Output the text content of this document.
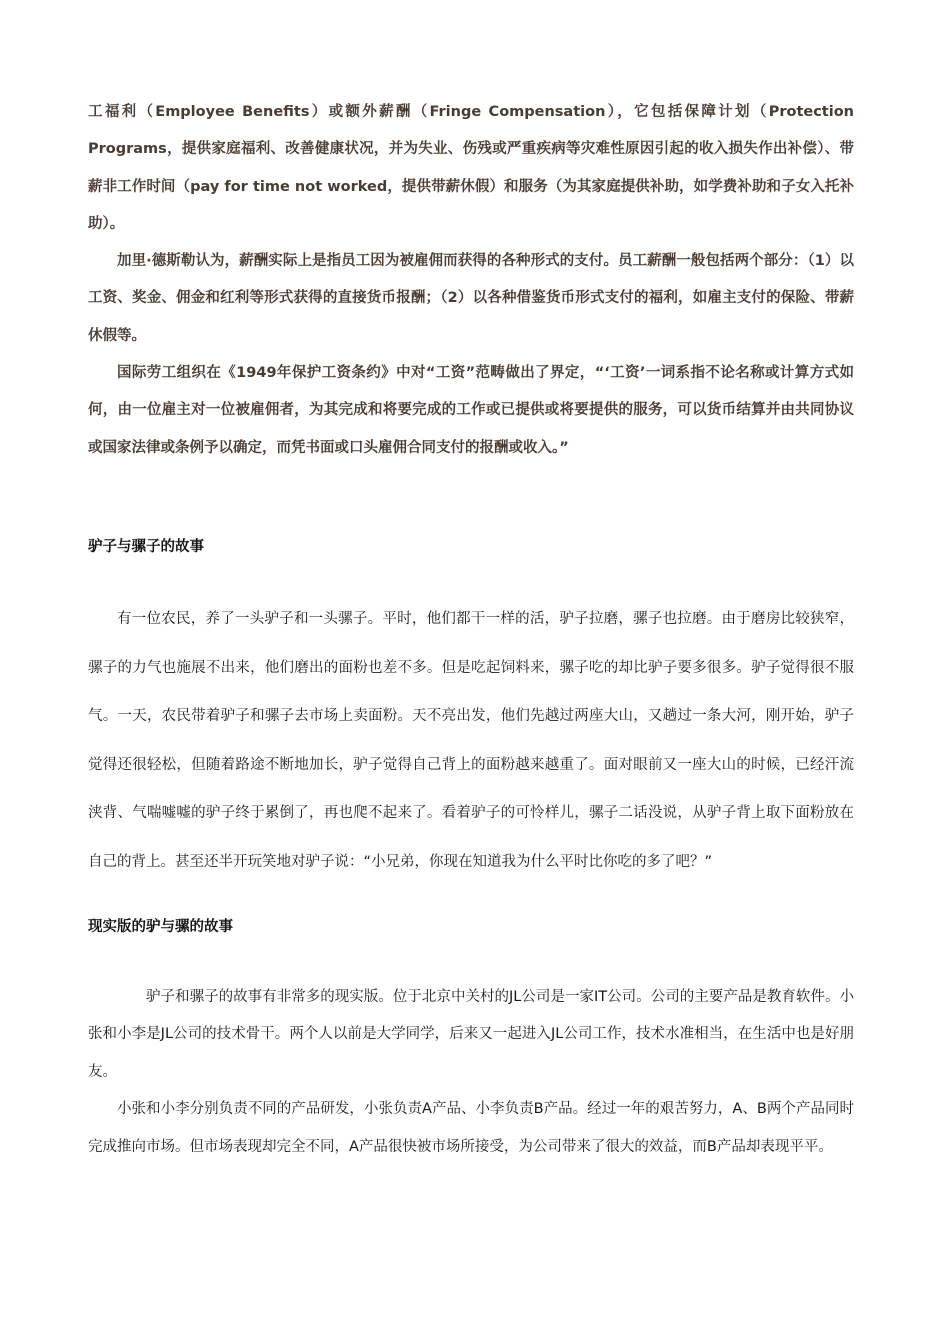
工福利（Employee Benefits）或额外薪酬（Fringe Compensation），它包括保障计划（Protection Programs，提供家庭福利、改善健康状况，并为失业、伤残或严重疾病等灾难性原因引起的收入损失作出补偿）、带薪非工作时间（pay for time not worked，提供带薪休假）和服务（为其家庭提供补助，如学费补助和子女入托补助）。

加里·德斯勒认为，薪酬实际上是指员工因为被雇佣而获得的各种形式的支付。员工薪酬一般包括两个部分：（1）以工资、奖金、佣金和红利等形式获得的直接货币报酬；（2）以各种借鉴货币形式支付的福利，如雇主支付的保险、带薪休假等。

国际劳工组织在《1949年保护工资条约》中对“工资”范畴做出了界定，“‘工资’一词系指不论名称或计算方式如何，由一位雇主对一位被雇佣者，为其完成和将要完成的工作或已提供或将要提供的服务，可以货币结算并由共同协议或国家法律或条例予以确定，而凭书面或口头雇佣合同支付的报酬或收入。”

驴子与骡子的故事

有一位农民，养了一头驴子和一头骡子。平时，他们都干一样的活，驴子拉磨，骡子也拉磨。由于磨房比较狭窄，骡子的力气也施展不出来，他们磨出的面粉也差不多。但是吃起饲料来，骡子吃的却比驴子要多很多。驴子觉得很不服气。一天，农民带着驴子和骡子去市场上卖面粉。天不亮出发，他们先越过两座大山，又趟过一条大河，刚开始，驴子觉得还很轻松，但随着路途不断地加长，驴子觉得自己背上的面粉越来越重了。面对眼前又一座大山的时候，已经汗流浃背、气喘嘘嘘的驴子终于累倒了，再也爬不起来了。看着驴子的可怜样儿，骡子二话没说，从驴子背上取下面粉放在自己的背上。甚至还半开玩笑地对驴子说：“小兄弟，你现在知道我为什么平时比你吃的多了吧？”

现实版的驴与骡的故事

驴子和骡子的故事有非常多的现实版。位于北京中关村的JL公司是一家IT公司。公司的主要产品是教育软件。小张和小李是JL公司的技术骨干。两个人以前是大学同学，后来又一起进入JL公司工作，技术水准相当，在生活中也是好朋友。

小张和小李分别负责不同的产品研发，小张负责A产品、小李负责B产品。经过一年的艰苦努力，A、B两个产品同时完成推向市场。但市场表现却完全不同，A产品很快被市场所接受，为公司带来了很大的效益，而B产品却表现平平。
